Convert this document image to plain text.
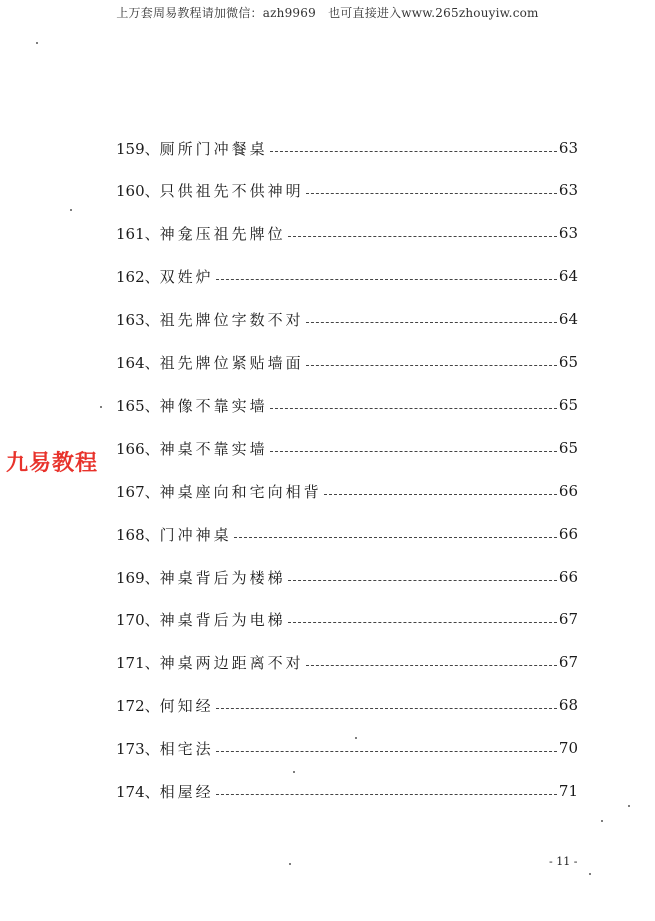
上万套周易教程请加微信：azh9969　也可直接进入www.265zhouyiw.com
九易教程
159、 厕所门冲餐桌	63
160、 只供祖先不供神明	63
161、 神龛压祖先牌位	63
162、 双姓炉	64
163、 祖先牌位字数不对	64
164、 祖先牌位紧贴墙面	65
165、 神像不靠实墙	65
166、 神桌不靠实墙	65
167、 神桌座向和宅向相背	66
168、 门冲神桌	66
169、 神桌背后为楼梯	66
170、 神桌背后为电梯	67
171、 神桌两边距离不对	67
172、 何知经	68
173、 相宅法	70
174、 相屋经	71
- 11 -
